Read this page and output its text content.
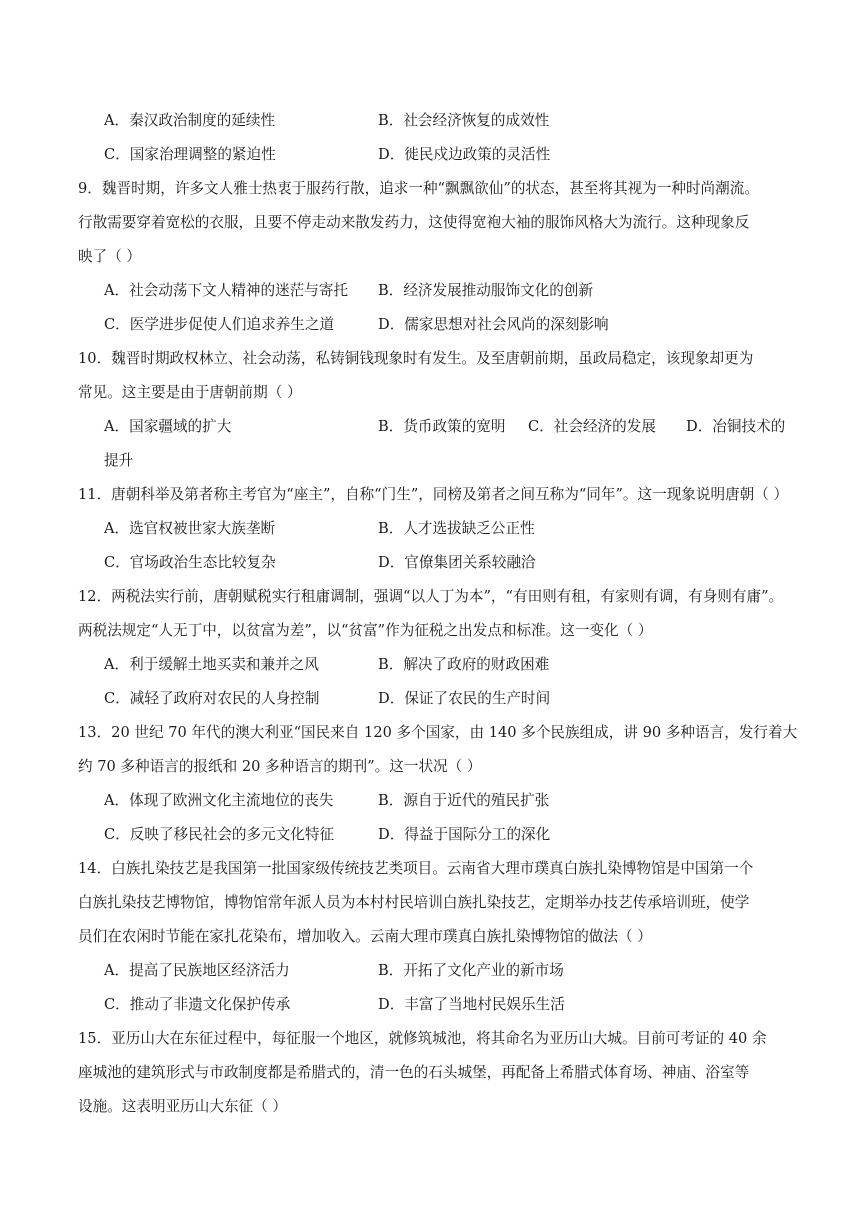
A．秦汉政治制度的延续性	B．社会经济恢复的成效性
C．国家治理调整的紧迫性	D．徙民戍边政策的灵活性
9．魏晋时期，许多文人雅士热衷于服药行散，追求一种“飘飘欲仙”的状态，甚至将其视为一种时尚潮流。
行散需要穿着宽松的衣服，且要不停走动来散发药力，这使得宽袍大袖的服饰风格大为流行。这种现象反
映了（ ）
A．社会动荡下文人精神的迷茫与寄托 B．经济发展推动服饰文化的创新
C．医学进步促使人们追求养生之道	D．儒家思想对社会风尚的深刻影响
10．魏晋时期政权林立、社会动荡，私铸铜钱现象时有发生。及至唐朝前期，虽政局稳定，该现象却更为
常见。这主要是由于唐朝前期（ ）
A．国家疆域的扩大	B．货币政策的宽明 C．社会经济的发展 D．冶铜技术的
提升
11．唐朝科举及第者称主考官为“座主”，自称“门生”，同榜及第者之间互称为“同年”。这一现象说明唐朝（ ）
A．选官权被世家大族垄断	B．人才选拔缺乏公正性
C．官场政治生态比较复杂	D．官僚集团关系较融洽
12．两税法实行前，唐朝赋税实行租庸调制，强调“以人丁为本”，“有田则有租，有家则有调，有身则有庸”。
两税法规定“人无丁中，以贫富为差”，以“贫富”作为征税之出发点和标准。这一变化（ ）
A．利于缓解土地买卖和兼并之风	B．解决了政府的财政困难
C．减轻了政府对农民的人身控制	D．保证了农民的生产时间
13．20 世纪 70 年代的澳大利亚“国民来自 120 多个国家，由 140 多个民族组成，讲 90 多种语言，发行着大
约 70 多种语言的报纸和 20 多种语言的期刊”。这一状况（ ）
A．体现了欧洲文化主流地位的丧失	B．源自于近代的殖民扩张
C．反映了移民社会的多元文化特征	D．得益于国际分工的深化
14．白族扎染技艺是我国第一批国家级传统技艺类项目。云南省大理市璞真白族扎染博物馆是中国第一个
白族扎染技艺博物馆，博物馆常年派人员为本村村民培训白族扎染技艺，定期举办技艺传承培训班，使学
员们在农闲时节能在家扎花染布，增加收入。云南大理市璞真白族扎染博物馆的做法（ ）
A．提高了民族地区经济活力	B．开拓了文化产业的新市场
C．推动了非遗文化保护传承	D．丰富了当地村民娱乐生活
15．亚历山大在东征过程中，每征服一个地区，就修筑城池，将其命名为亚历山大城。目前可考证的 40 余
座城池的建筑形式与市政制度都是希腊式的，清一色的石头城堡，再配备上希腊式体育场、神庙、浴室等
设施。这表明亚历山大东征（ ）
